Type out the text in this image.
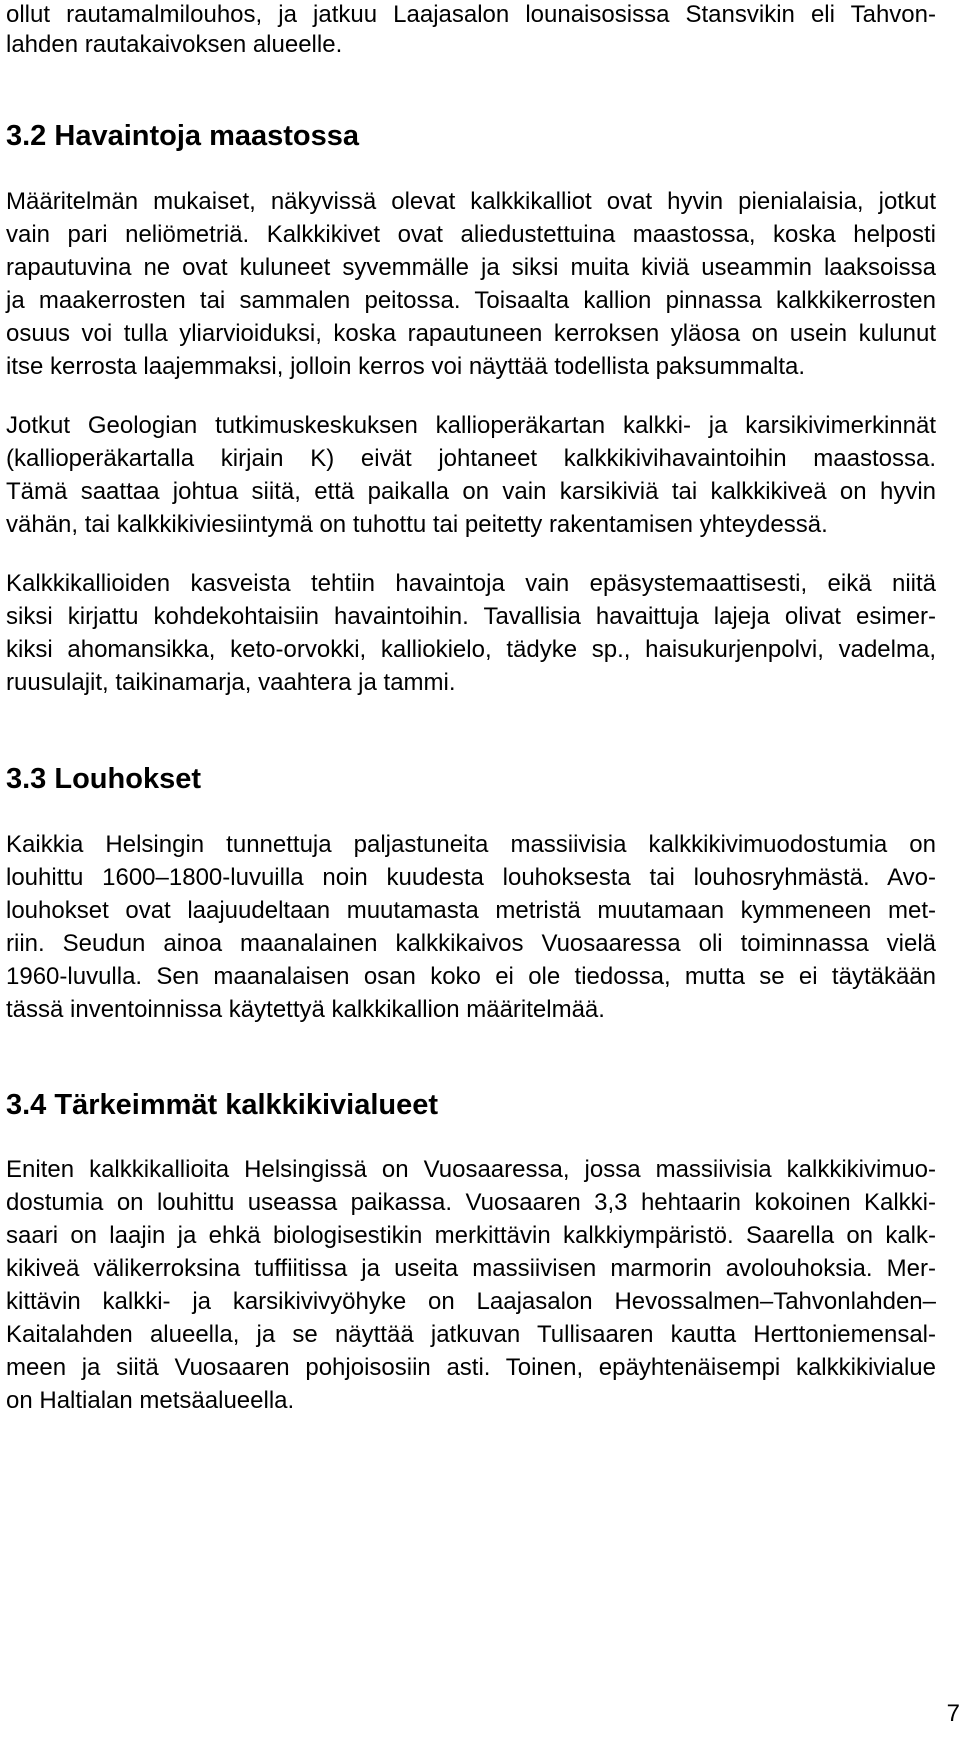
ollut rautamalmilouhos, ja jatkuu Laajasalon lounaisosissa Stansvikin eli Tahvon-
lahden rautakaivoksen alueelle.
3.2 Havaintoja maastossa
Määritelmän mukaiset, näkyvissä olevat kalkkikalliot ovat hyvin pienialaisia, jotkut
vain pari neliömetriä. Kalkkikivet ovat aliedustettuina maastossa, koska helposti
rapautuvina ne ovat kuluneet syvemmälle ja siksi muita kiviä useammin laaksoissa
ja maakerrosten tai sammalen peitossa. Toisaalta kallion pinnassa kalkkikerrosten
osuus voi tulla yliarvioiduksi, koska rapautuneen kerroksen yläosa on usein kulunut
itse kerrosta laajemmaksi, jolloin kerros voi näyttää todellista paksummalta.
Jotkut Geologian tutkimuskeskuksen kallioperäkartan kalkki- ja karsikivimerkinnät
(kallioperäkartalla kirjain K) eivät johtaneet kalkkikivihavaintoihin maastossa.
Tämä saattaa johtua siitä, että paikalla on vain karsikiviä tai kalkkikiveä on hyvin
vähän, tai kalkkikiviesiintymä on tuhottu tai peitetty rakentamisen yhteydessä.
Kalkkikallioiden kasveista tehtiin havaintoja vain epäsystemaattisesti, eikä niitä
siksi kirjattu kohdekohtaisiin havaintoihin. Tavallisia havaittuja lajeja olivat esimer-
kiksi ahomansikka, keto-orvokki, kalliokielo, tädyke sp., haisukurjenpolvi, vadelma,
ruusulajit, taikinamarja, vaahtera ja tammi.
3.3 Louhokset
Kaikkia Helsingin tunnettuja paljastuneita massiivisia kalkkikivimuodostumia on
louhittu 1600–1800-luvuilla noin kuudesta louhoksesta tai louhosryhmästä. Avo-
louhokset ovat laajuudeltaan muutamasta metristä muutamaan kymmeneen met-
riin. Seudun ainoa maanalainen kalkkikaivos Vuosaaressa oli toiminnassa vielä
1960-luvulla. Sen maanalaisen osan koko ei ole tiedossa, mutta se ei täytäkään
tässä inventoinnissa käytettyä kalkkikallion määritelmää.
3.4 Tärkeimmät kalkkikivialueet
Eniten kalkkikallioita Helsingissä on Vuosaaressa, jossa massiivisia kalkkikivimuo-
dostumia on louhittu useassa paikassa. Vuosaaren 3,3 hehtaarin kokoinen Kalkki-
saari on laajin ja ehkä biologisestikin merkittävin kalkkiympäristö. Saarella on kalk-
kikiveä välikerroksina tuffiitissa ja useita massiivisen marmorin avolouhoksia. Mer-
kittävin kalkki- ja karsikivivyöhyke on Laajasalon Hevossalmen–Tahvonlahden–
Kaitalahden alueella, ja se näyttää jatkuvan Tullisaaren kautta Herttoniemensal-
meen ja siitä Vuosaaren pohjoisosiin asti. Toinen, epäyhtenäisempi kalkkikivialue
on Haltialan metsäalueella.
7
